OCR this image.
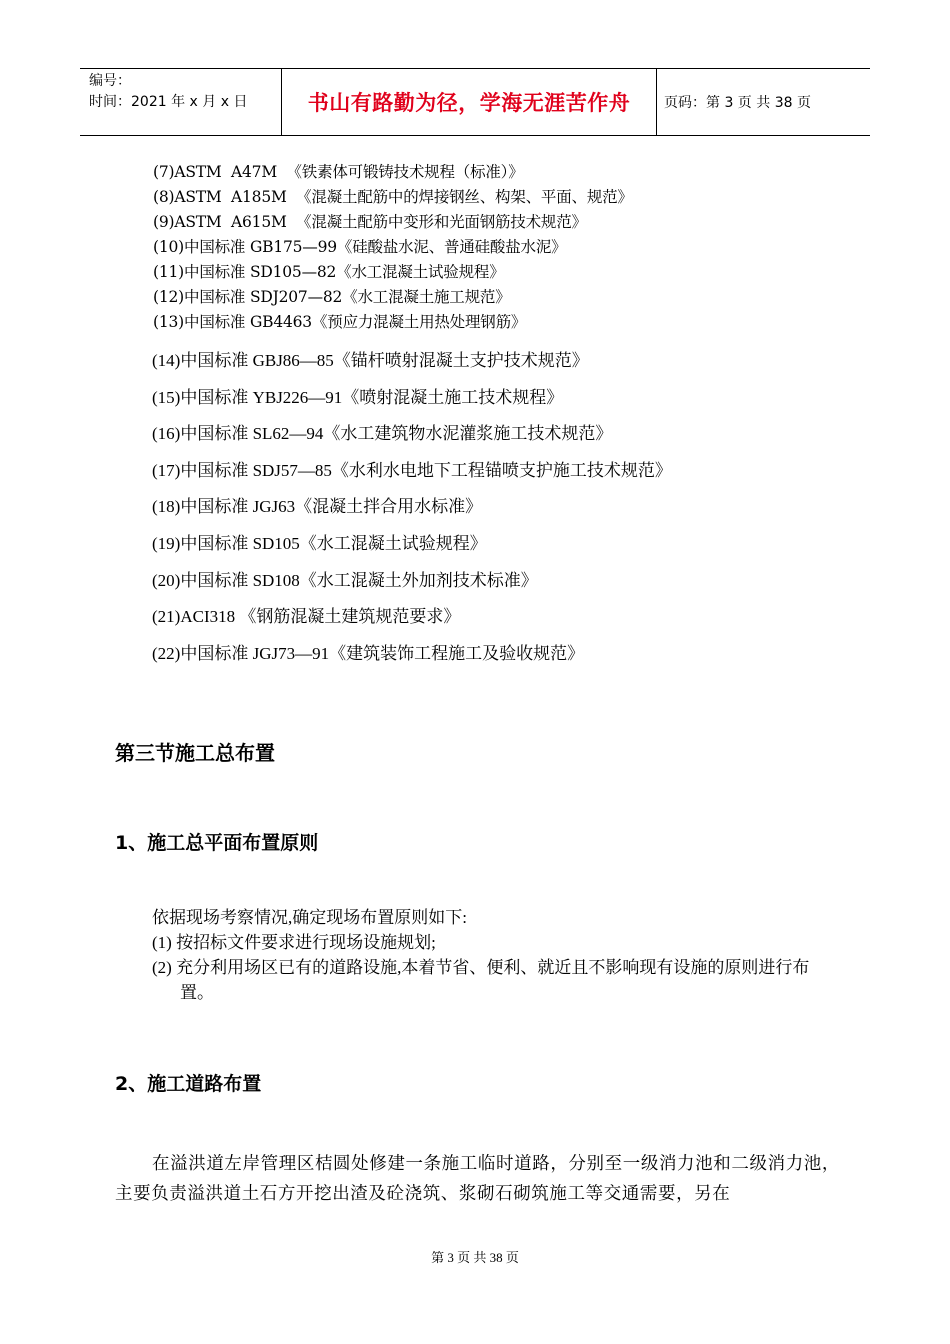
编号：
时间：2021 年 x 月 x 日	书山有路勤为径，学海无涯苦作舟	页码：第 3 页 共 38 页
(7)ASTM  A47M  《铁素体可锻铸技术规程（标准）》
(8)ASTM  A185M  《混凝土配筋中的焊接钢丝、构架、平面、规范》
(9)ASTM  A615M  《混凝土配筋中变形和光面钢筋技术规范》
(10)中国标准 GB175—99《硅酸盐水泥、普通硅酸盐水泥》
(11)中国标准 SD105—82《水工混凝土试验规程》
(12)中国标准 SDJ207—82《水工混凝土施工规范》
(13)中国标准 GB4463《预应力混凝土用热处理钢筋》
(14)中国标准 GBJ86—85《锚杆喷射混凝土支护技术规范》
(15)中国标准 YBJ226—91《喷射混凝土施工技术规程》
(16)中国标准 SL62—94《水工建筑物水泥灌浆施工技术规范》
(17)中国标准 SDJ57—85《水利水电地下工程锚喷支护施工技术规范》
(18)中国标准 JGJ63《混凝土拌合用水标准》
(19)中国标准 SD105《水工混凝土试验规程》
(20)中国标准 SD108《水工混凝土外加剂技术标准》
(21)ACI318 《钢筋混凝土建筑规范要求》
(22)中国标准 JGJ73—91《建筑装饰工程施工及验收规范》
第三节施工总布置
1、施工总平面布置原则

依据现场考察情况,确定现场布置原则如下:

(1) 按招标文件要求进行现场设施规划;

(2) 充分利用场区已有的道路设施,本着节省、便利、就近且不影响现有设施的原则进行布置。

2、施工道路布置

在溢洪道左岸管理区桔圆处修建一条施工临时道路，分别至一级消力池和二级消力池，主要负责溢洪道土石方开挖出渣及砼浇筑、浆砌石砌筑施工等交通需要，另在

第 3 页 共 38 页
